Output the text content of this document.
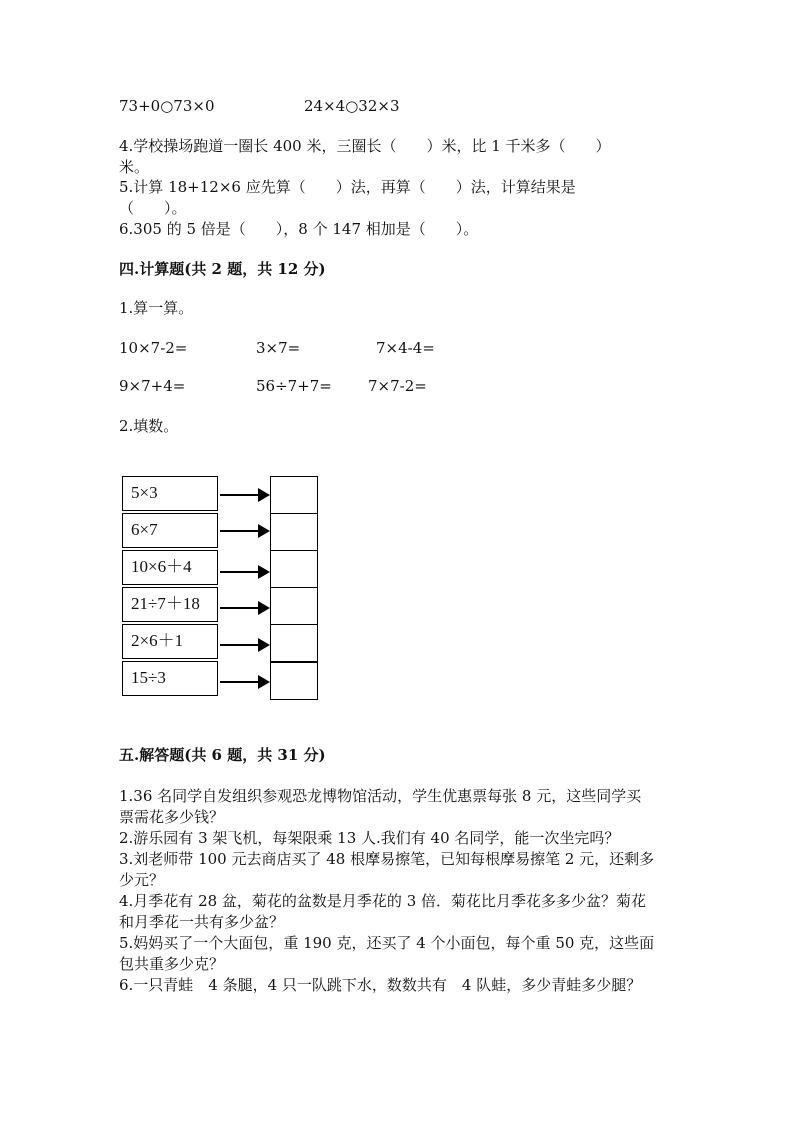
73+0○73×0	24×4○32×3
4.学校操场跑道一圈长 400 米，三圈长（　　）米，比 1 千米多（　　）
米。
5.计算 18+12×6 应先算（　　）法，再算（　　）法，计算结果是
（　　）。
6.305 的 5 倍是（　　），8 个 147 相加是（　　）。
四.计算题(共 2 题，共 12 分)
1.算一算。
10×7-2=	3×7=	7×4-4=
9×7+4=	56÷7+7= 7×7-2=
2.填数。
5×3
6×7
10×6＋4
21÷7＋18
2×6＋1
15÷3
五.解答题(共 6 题，共 31 分)
1.36 名同学自发组织参观恐龙博物馆活动，学生优惠票每张 8 元，这些同学买
票需花多少钱？
2.游乐园有 3 架飞机，每架限乘 13 人.我们有 40 名同学，能一次坐完吗？
3.刘老师带 100 元去商店买了 48 根摩易擦笔，已知每根摩易擦笔 2 元，还剩多
少元？
4.月季花有 28 盆，菊花的盆数是月季花的 3 倍．菊花比月季花多多少盆？菊花
和月季花一共有多少盆？
5.妈妈买了一个大面包，重 190 克，还买了 4 个小面包，每个重 50 克，这些面
包共重多少克？
6.一只青蛙　4 条腿，4 只一队跳下水，数数共有　4 队蛙，多少青蛙多少腿？
